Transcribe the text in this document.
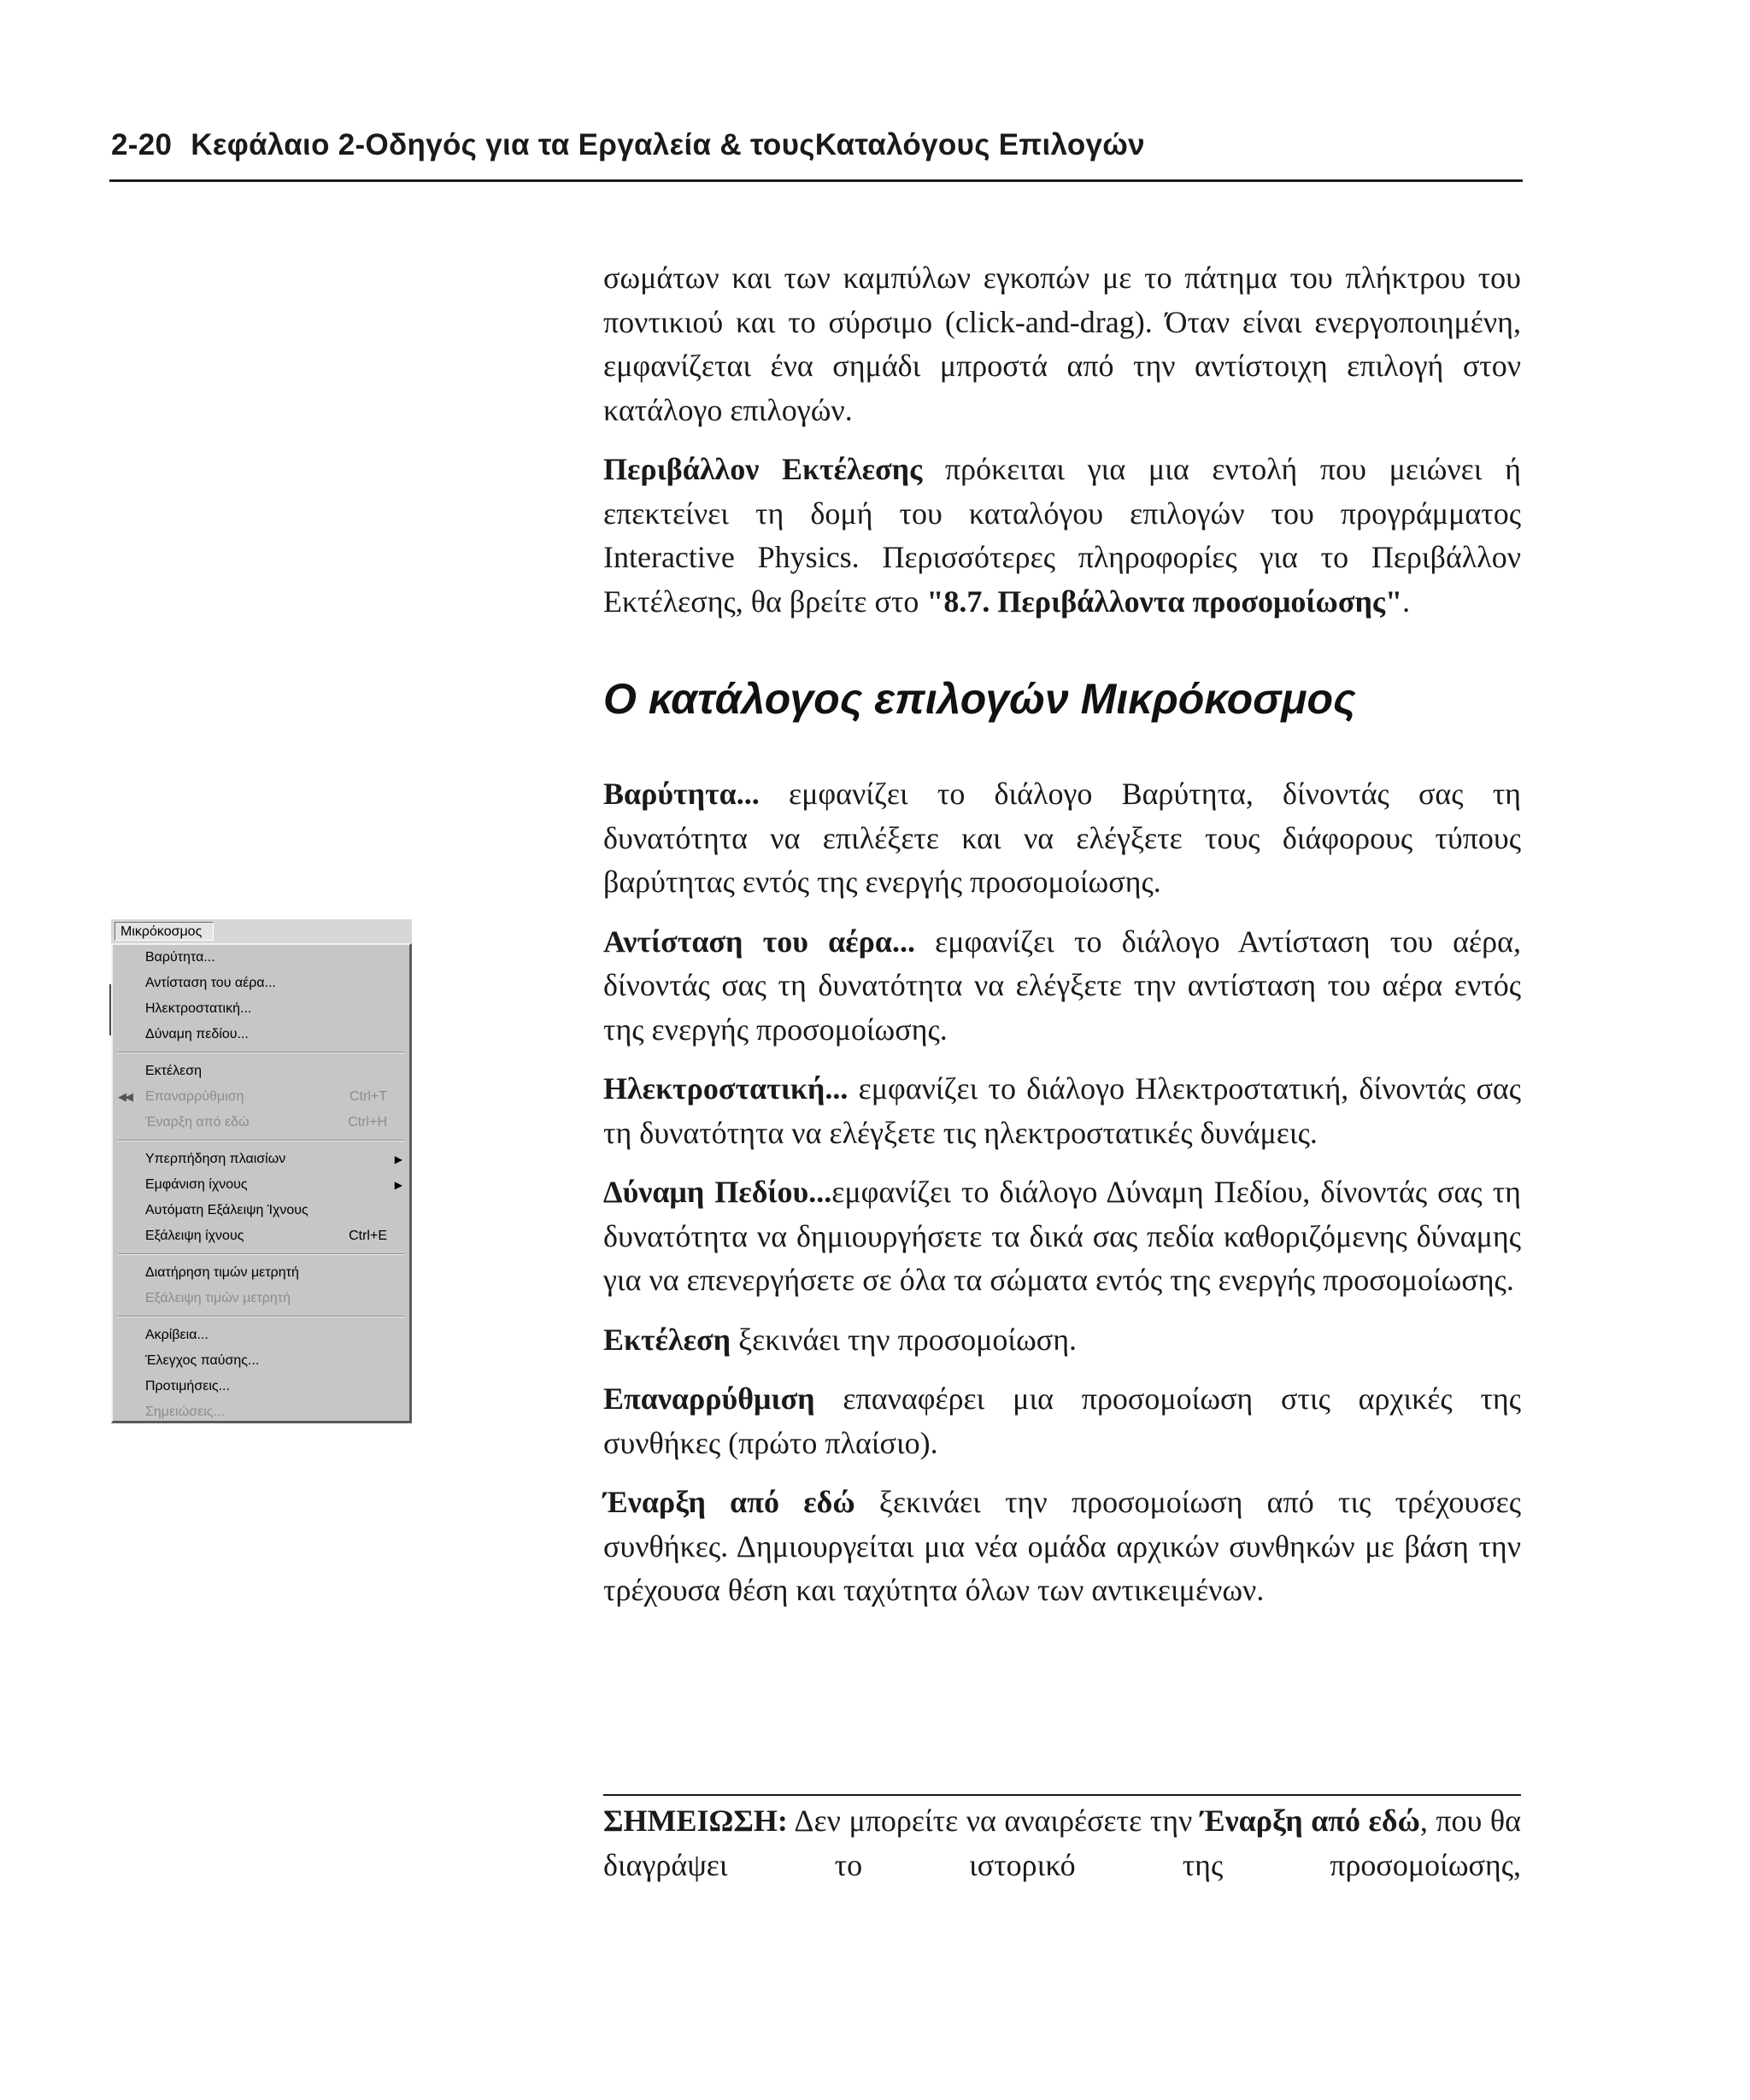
2-20 Κεφάλαιο 2-Οδηγός για τα Εργαλεία & τουςΚαταλόγους Επιλογών
Μικρόκοσμος
Βαρύτητα...
Αντίσταση του αέρα...
Ηλεκτροστατική...
Δύναμη πεδίου...
Εκτέλεση
◀◀ Επαναρρύθμιση	Ctrl+T
Έναρξη από εδώ	Ctrl+H
Υπερπήδηση πλαισίων	▶
Εμφάνιση ίχνους	▶
Αυτόματη Εξάλειψη Ίχνους
Εξάλειψη ίχνους	Ctrl+E
Διατήρηση τιμών μετρητή
Εξάλειψη τιμών μετρητή
Ακρίβεια...
Έλεγχος παύσης...
Προτιμήσεις...
Σημειώσεις...

σωμάτων και των καμπύλων εγκοπών με το πάτημα του πλήκτρου του ποντικιού και το σύρσιμο (click-and-drag). Όταν είναι ενεργοποιημένη, εμφανίζεται ένα σημάδι μπροστά από την αντίστοιχη επιλογή στον κατάλογο επιλογών.

Περιβάλλον Εκτέλεσης πρόκειται για μια εντολή που μειώνει ή επεκτείνει τη δομή του καταλόγου επιλογών του προγράμματος Interactive Physics. Περισσότερες πληροφορίες για το Περιβάλλον Εκτέλεσης, θα βρείτε στο "8.7. Περιβάλλοντα προσομοίωσης".

Ο κατάλογος επιλογών Μικρόκοσμος

Βαρύτητα... εμφανίζει το διάλογο Βαρύτητα, δίνοντάς σας τη δυνατότητα να επιλέξετε και να ελέγξετε τους διάφορους τύπους βαρύτητας εντός της ενεργής προσομοίωσης.

Αντίσταση του αέρα... εμφανίζει το διάλογο Αντίσταση του αέρα, δίνοντάς σας τη δυνατότητα να ελέγξετε την αντίσταση του αέρα εντός της ενεργής προσομοίωσης.

Ηλεκτροστατική... εμφανίζει το διάλογο Ηλεκτροστατική, δίνοντάς σας τη δυνατότητα να ελέγξετε τις ηλεκτροστατικές δυνάμεις.

Δύναμη Πεδίου...εμφανίζει το διάλογο Δύναμη Πεδίου, δίνοντάς σας τη δυνατότητα να δημιουργήσετε τα δικά σας πεδία καθοριζόμενης δύναμης για να επενεργήσετε σε όλα τα σώματα εντός της ενεργής προσομοίωσης.

Εκτέλεση ξεκινάει την προσομοίωση.

Επαναρρύθμιση επαναφέρει μια προσομοίωση στις αρχικές της συνθήκες (πρώτο πλαίσιο).

Έναρξη από εδώ ξεκινάει την προσομοίωση από τις τρέχουσες συνθήκες. Δημιουργείται μια νέα ομάδα αρχικών συνθηκών με βάση την τρέχουσα θέση και ταχύτητα όλων των αντικειμένων.

ΣΗΜΕΙΩΣΗ: Δεν μπορείτε να αναιρέσετε την Έναρξη από εδώ, που θα διαγράψει το ιστορικό της προσομοίωσης,
